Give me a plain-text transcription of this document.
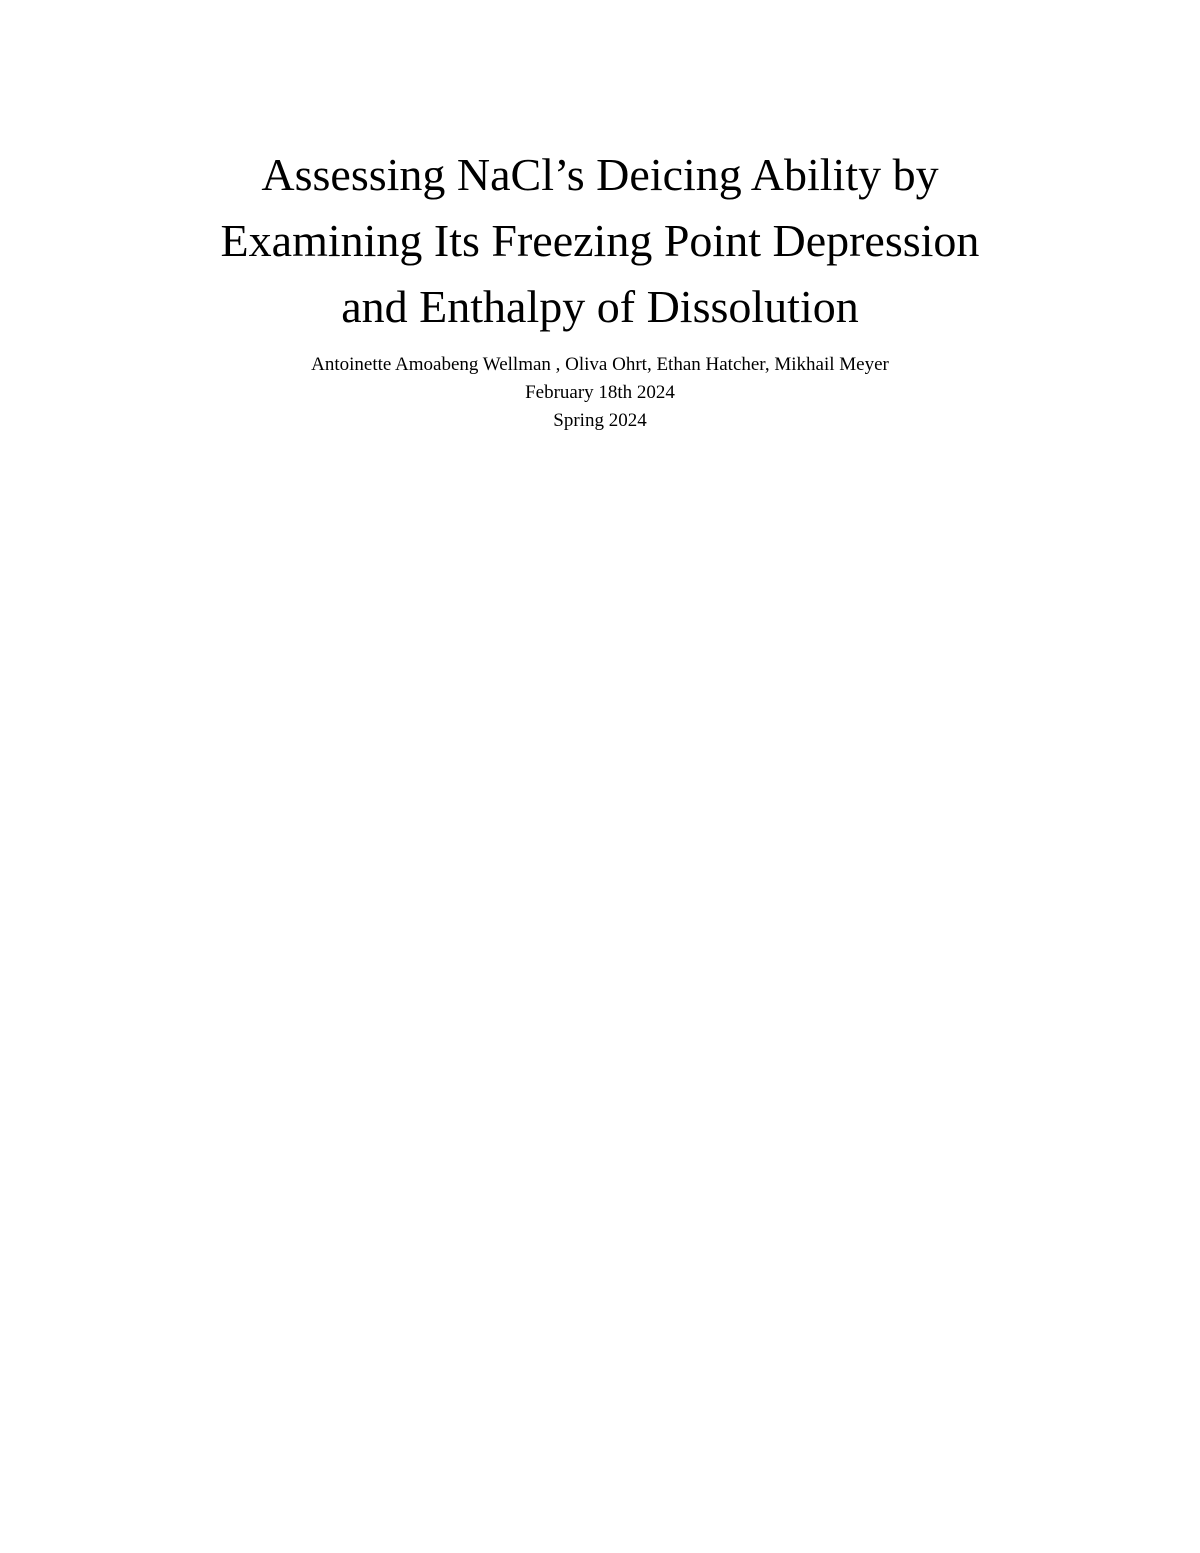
Assessing NaCl’s Deicing Ability by
Examining Its Freezing Point Depression
and Enthalpy of Dissolution
Antoinette Amoabeng Wellman , Oliva Ohrt, Ethan Hatcher, Mikhail Meyer
February 18th 2024
Spring 2024
